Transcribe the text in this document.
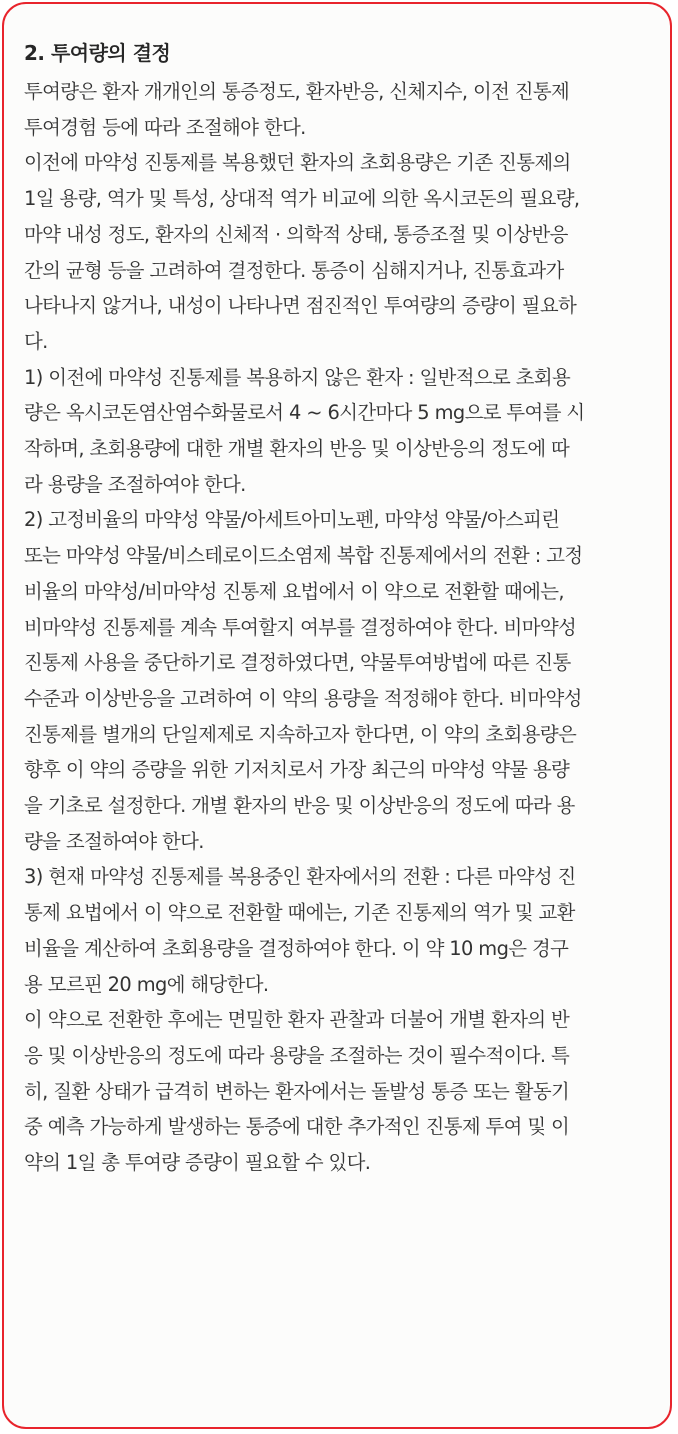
2. 투여량의 결정

투여량은 환자 개개인의 통증정도, 환자반응, 신체지수, 이전 진통제
투여경험 등에 따라 조절해야 한다.

이전에 마약성 진통제를 복용했던 환자의 초회용량은 기존 진통제의
1일 용량, 역가 및 특성, 상대적 역가 비교에 의한 옥시코돈의 필요량,
마약 내성 정도, 환자의 신체적 · 의학적 상태, 통증조절 및 이상반응
간의 균형 등을 고려하여 결정한다. 통증이 심해지거나, 진통효과가
나타나지 않거나, 내성이 나타나면 점진적인 투여량의 증량이 필요하
다.

1) 이전에 마약성 진통제를 복용하지 않은 환자 : 일반적으로 초회용
량은 옥시코돈염산염수화물로서 4 ~ 6시간마다 5 mg으로 투여를 시
작하며, 초회용량에 대한 개별 환자의 반응 및 이상반응의 정도에 따
라 용량을 조절하여야 한다.

2) 고정비율의 마약성 약물/아세트아미노펜, 마약성 약물/아스피린
또는 마약성 약물/비스테로이드소염제 복합 진통제에서의 전환 : 고정
비율의 마약성/비마약성 진통제 요법에서 이 약으로 전환할 때에는,
비마약성 진통제를 계속 투여할지 여부를 결정하여야 한다. 비마약성
진통제 사용을 중단하기로 결정하였다면, 약물투여방법에 따른 진통
수준과 이상반응을 고려하여 이 약의 용량을 적정해야 한다. 비마약성
진통제를 별개의 단일제제로 지속하고자 한다면, 이 약의 초회용량은
향후 이 약의 증량을 위한 기저치로서 가장 최근의 마약성 약물 용량
을 기초로 설정한다. 개별 환자의 반응 및 이상반응의 정도에 따라 용
량을 조절하여야 한다.

3) 현재 마약성 진통제를 복용중인 환자에서의 전환 : 다른 마약성 진
통제 요법에서 이 약으로 전환할 때에는, 기존 진통제의 역가 및 교환
비율을 계산하여 초회용량을 결정하여야 한다. 이 약 10 mg은 경구
용 모르핀 20 mg에 해당한다.

이 약으로 전환한 후에는 면밀한 환자 관찰과 더불어 개별 환자의 반
응 및 이상반응의 정도에 따라 용량을 조절하는 것이 필수적이다. 특
히, 질환 상태가 급격히 변하는 환자에서는 돌발성 통증 또는 활동기
중 예측 가능하게 발생하는 통증에 대한 추가적인 진통제 투여 및 이
약의 1일 총 투여량 증량이 필요할 수 있다.
